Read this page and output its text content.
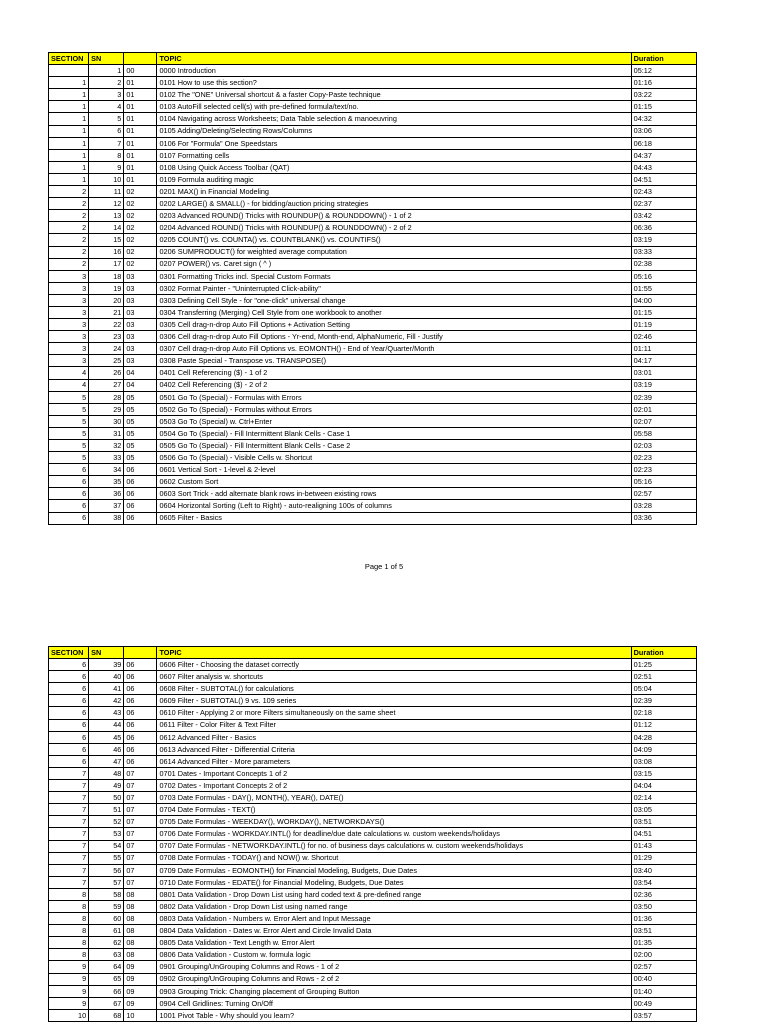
SECTION	SN		TOPIC	Duration
	1	00	0000 Introduction	05:12
1	2	01	0101 How to use this section?	01:16
1	3	01	0102 The "ONE" Universal shortcut & a faster Copy-Paste technique	03:22
1	4	01	0103 AutoFill selected cell(s) with pre-defined formula/text/no.	01:15
1	5	01	0104 Navigating across Worksheets; Data Table selection & manoeuvring	04:32
1	6	01	0105 Adding/Deleting/Selecting Rows/Columns	03:06
1	7	01	0106 For "Formula" One Speedstars	06:18
1	8	01	0107 Formatting cells	04:37
1	9	01	0108 Using Quick Access Toolbar (QAT)	04:43
1	10	01	0109 Formula auditing magic	04:51
2	11	02	0201 MAX() in Financial Modeling	02:43
2	12	02	0202 LARGE() & SMALL() - for bidding/auction pricing strategies	02:37
2	13	02	0203 Advanced ROUND() Tricks with ROUNDUP() & ROUNDDOWN() - 1 of 2	03:42
2	14	02	0204 Advanced ROUND() Tricks with ROUNDUP() & ROUNDDOWN() - 2 of 2	06:36
2	15	02	0205 COUNT() vs. COUNTA() vs. COUNTBLANK() vs. COUNTIFS()	03:19
2	16	02	0206 SUMPRODUCT() for weighted average computation	03:33
2	17	02	0207 POWER() vs. Caret sign ( ^ )	02:38
3	18	03	0301 Formatting Tricks incl. Special Custom Formats	05:16
3	19	03	0302 Format Painter - "Uninterrupted Click-ability"	01:55
3	20	03	0303 Defining Cell Style - for "one-click" universal change	04:00
3	21	03	0304 Transferring (Merging) Cell Style from one workbook to another	01:15
3	22	03	0305 Cell drag-n-drop Auto Fill Options + Activation Setting	01:19
3	23	03	0306 Cell drag-n-drop Auto Fill Options - Yr-end, Month-end, AlphaNumeric, Fill - Justify	02:46
3	24	03	0307 Cell drag-n-drop Auto Fill Options vs. EOMONTH() - End of Year/Quarter/Month	01:11
3	25	03	0308 Paste Special - Transpose vs. TRANSPOSE()	04:17
4	26	04	0401 Cell Referencing ($) - 1 of 2	03:01
4	27	04	0402 Cell Referencing ($) - 2 of 2	03:19
5	28	05	0501 Go To (Special) - Formulas with Errors	02:39
5	29	05	0502 Go To (Special) - Formulas without Errors	02:01
5	30	05	0503 Go To (Special) w. Ctrl+Enter	02:07
5	31	05	0504 Go To (Special) - Fill Intermittent Blank Cells - Case 1	05:58
5	32	05	0505 Go To (Special) - Fill Intermittent Blank Cells - Case 2	02:03
5	33	05	0506 Go To (Special) - Visible Cells w. Shortcut	02:23
6	34	06	0601 Vertical Sort - 1-level & 2-level	02:23
6	35	06	0602 Custom Sort	05:16
6	36	06	0603 Sort Trick - add alternate blank rows in-between existing rows	02:57
6	37	06	0604 Horizontal Sorting (Left to Right) - auto-realigning 100s of columns	03:28
6	38	06	0605 Filter - Basics	03:36
Page 1 of 5
SECTION	SN		TOPIC	Duration
6	39	06	0606 Filter - Choosing the dataset correctly	01:25
6	40	06	0607 Filter analysis w. shortcuts	02:51
6	41	06	0608 Filter - SUBTOTAL() for calculations	05:04
6	42	06	0609 Filter - SUBTOTAL() 9 vs. 109 series	02:39
6	43	06	0610 Filter - Applying 2 or more Filters simultaneously on the same sheet	02:18
6	44	06	0611 Filter - Color Filter & Text Filter	01:12
6	45	06	0612 Advanced Filter - Basics	04:28
6	46	06	0613 Advanced Filter - Differential Criteria	04:09
6	47	06	0614 Advanced Filter - More parameters	03:08
7	48	07	0701 Dates - Important Concepts 1 of 2	03:15
7	49	07	0702 Dates - Important Concepts 2 of 2	04:04
7	50	07	0703 Date Formulas - DAY(), MONTH(), YEAR(), DATE()	02:14
7	51	07	0704 Date Formulas - TEXT()	03:05
7	52	07	0705 Date Formulas - WEEKDAY(), WORKDAY(), NETWORKDAYS()	03:51
7	53	07	0706 Date Formulas - WORKDAY.INTL() for deadline/due date calculations w. custom weekends/holidays	04:51
7	54	07	0707 Date Formulas - NETWORKDAY.INTL() for no. of business days calculations w. custom weekends/holidays	01:43
7	55	07	0708 Date Formulas - TODAY() and NOW() w. Shortcut	01:29
7	56	07	0709 Date Formulas - EOMONTH() for Financial Modeling, Budgets, Due Dates	03:40
7	57	07	0710 Date Formulas - EDATE() for Financial Modeling, Budgets, Due Dates	03:54
8	58	08	0801 Data Validation - Drop Down List using hard coded text & pre-defined range	02:36
8	59	08	0802 Data Validation - Drop Down List using named range	03:50
8	60	08	0803 Data Validation - Numbers w. Error Alert and Input Message	01:36
8	61	08	0804 Data Validation - Dates w. Error Alert and Circle Invalid Data	03:51
8	62	08	0805 Data Validation - Text Length w. Error Alert	01:35
8	63	08	0806 Data Validation - Custom w. formula logic	02:00
9	64	09	0901 Grouping/UnGrouping Columns and Rows - 1 of 2	02:57
9	65	09	0902 Grouping/UnGrouping Columns and Rows - 2 of 2	00:40
9	66	09	0903 Grouping Trick: Changing placement of Grouping Button	01:40
9	67	09	0904 Cell Gridlines: Turning On/Off	00:49
10	68	10	1001 Pivot Table - Why should you learn?	03:57
